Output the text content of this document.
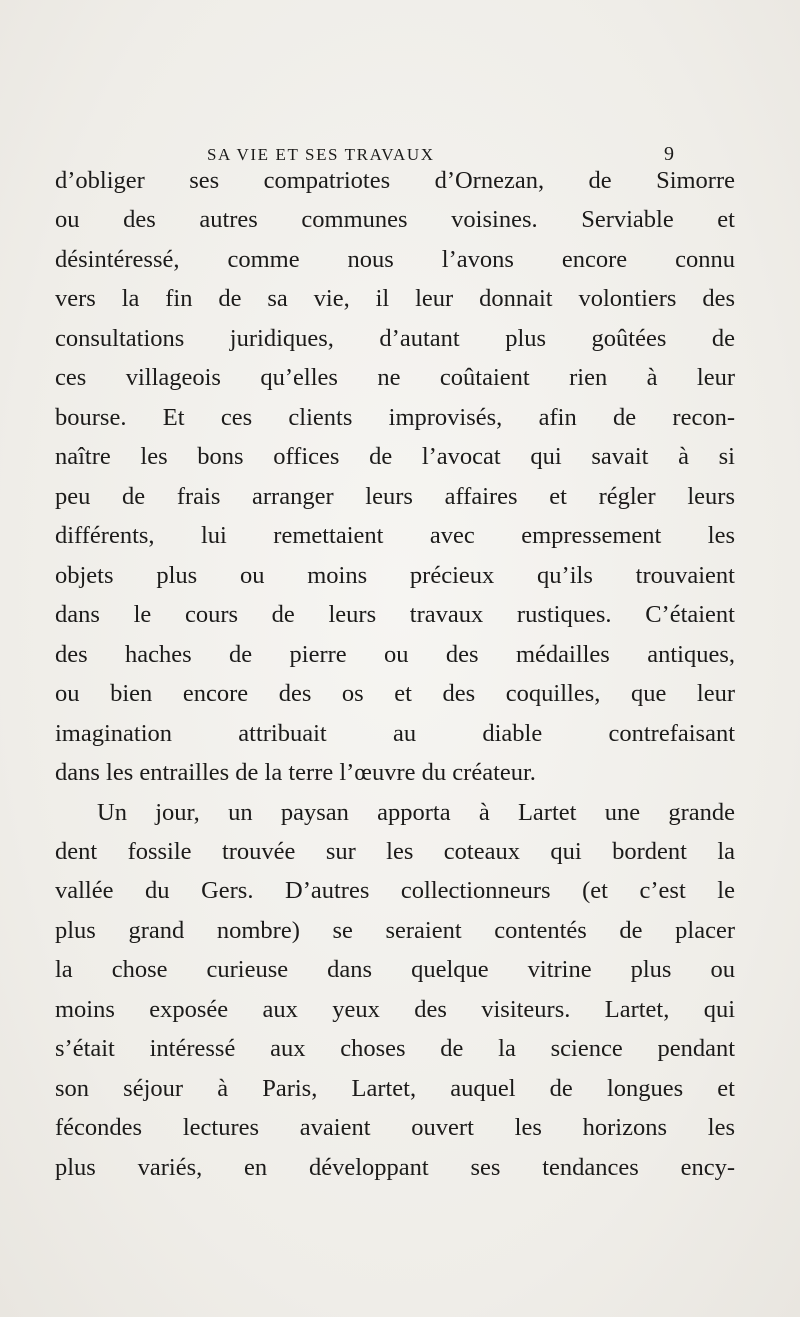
SA VIE ET SES TRAVAUX	9
d’obliger ses compatriotes d’Ornezan, de Simorre
ou des autres communes voisines. Serviable et
désintéressé, comme nous l’avons encore connu
vers la fin de sa vie, il leur donnait volontiers des
consultations juridiques, d’autant plus goûtées de
ces villageois qu’elles ne coûtaient rien à leur
bourse. Et ces clients improvisés, afin de recon-
naître les bons offices de l’avocat qui savait à si
peu de frais arranger leurs affaires et régler leurs
différents, lui remettaient avec empressement les
objets plus ou moins précieux qu’ils trouvaient
dans le cours de leurs travaux rustiques. C’étaient
des haches de pierre ou des médailles antiques,
ou bien encore des os et des coquilles, que leur
imagination attribuait au diable contrefaisant
dans les entrailles de la terre l’œuvre du créateur.
Un jour, un paysan apporta à Lartet une grande
dent fossile trouvée sur les coteaux qui bordent la
vallée du Gers. D’autres collectionneurs (et c’est le
plus grand nombre) se seraient contentés de placer
la chose curieuse dans quelque vitrine plus ou
moins exposée aux yeux des visiteurs. Lartet, qui
s’était intéressé aux choses de la science pendant
son séjour à Paris, Lartet, auquel de longues et
fécondes lectures avaient ouvert les horizons les
plus variés, en développant ses tendances ency-
